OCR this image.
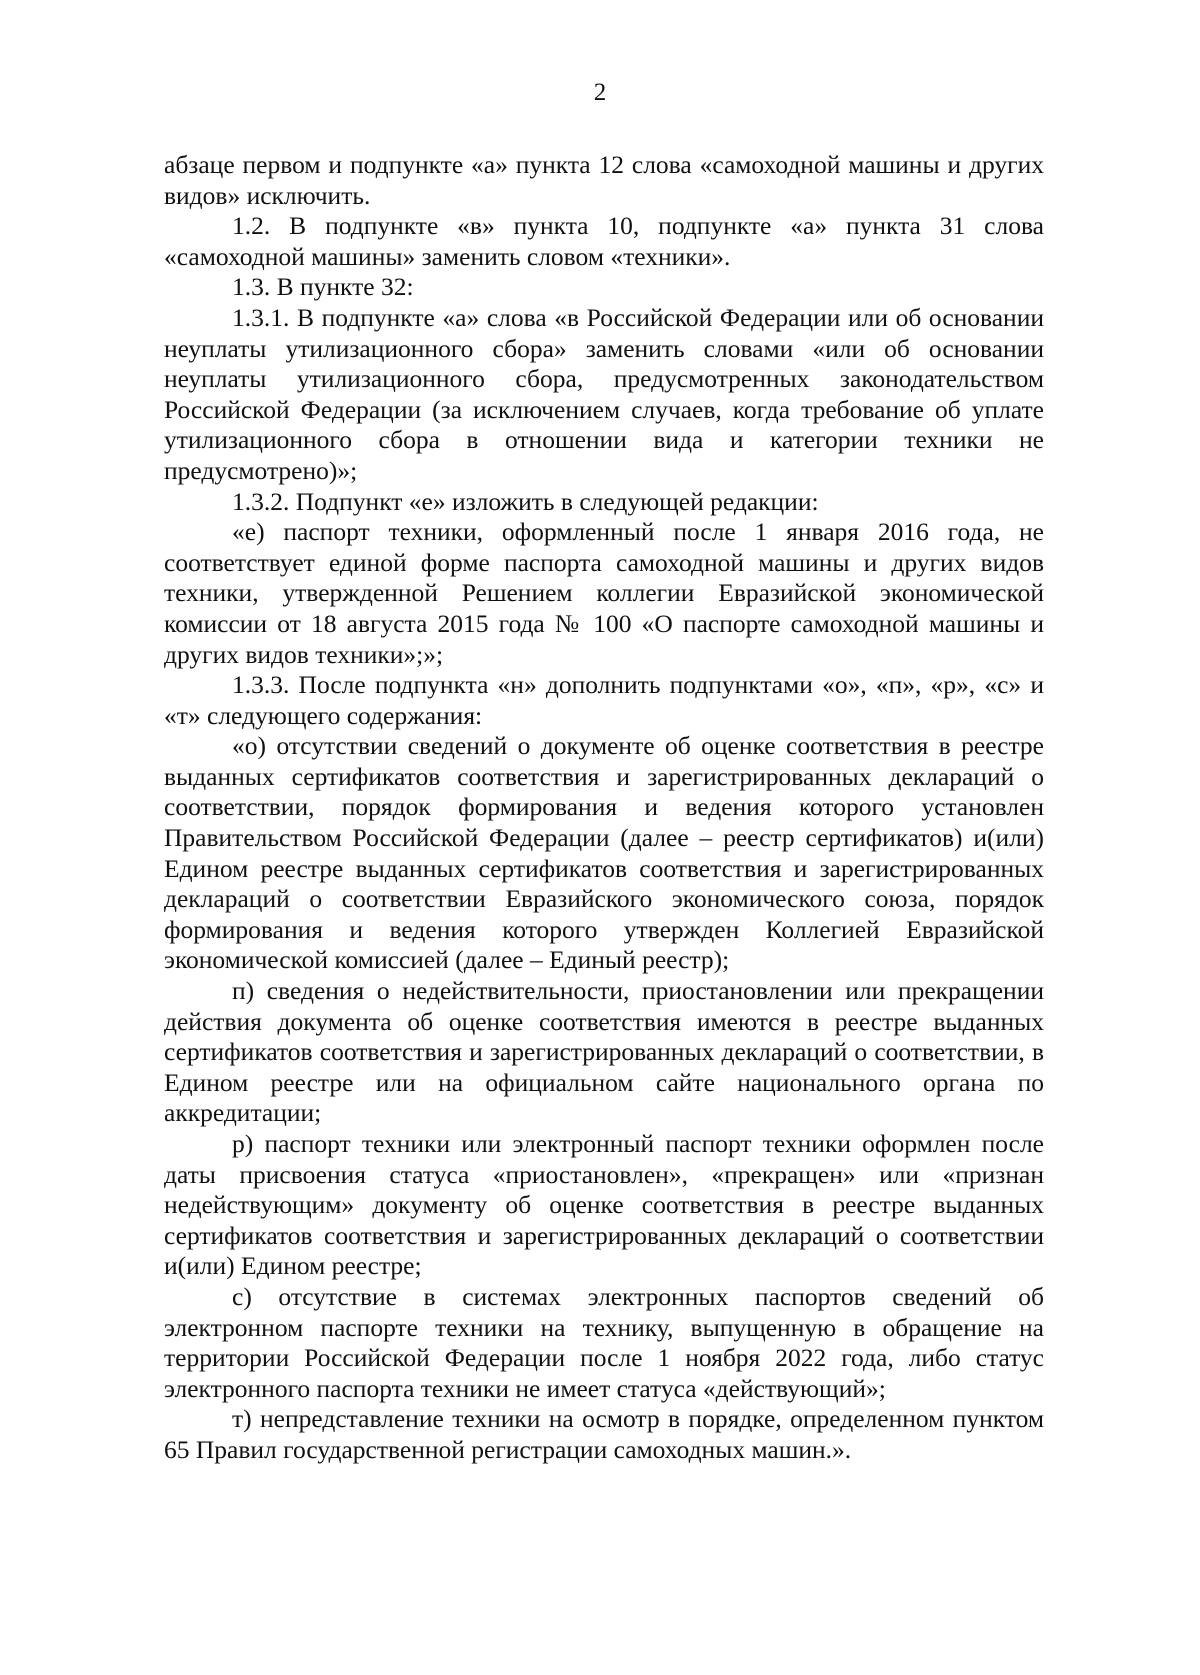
2

абзаце первом и подпункте «а» пункта 12 слова «самоходной машины и других видов» исключить.

1.2. В подпункте «в» пункта 10, подпункте «а» пункта 31 слова «самоходной машины» заменить словом «техники».

1.3. В пункте 32:

1.3.1. В подпункте «а» слова «в Российской Федерации или об основании неуплаты утилизационного сбора» заменить словами «или об основании неуплаты утилизационного сбора, предусмотренных законодательством Российской Федерации (за исключением случаев, когда требование об уплате утилизационного сбора в отношении вида и категории техники не предусмотрено)»;

1.3.2. Подпункт «е» изложить в следующей редакции:

«е) паспорт техники, оформленный после 1 января 2016 года, не соответствует единой форме паспорта самоходной машины и других видов техники, утвержденной Решением коллегии Евразийской экономической комиссии от 18 августа 2015 года № 100 «О паспорте самоходной машины и других видов техники»;»;

1.3.3. После подпункта «н» дополнить подпунктами «о», «п», «р», «с» и «т» следующего содержания:

«о) отсутствии сведений о документе об оценке соответствия в реестре выданных сертификатов соответствия и зарегистрированных деклараций о соответствии, порядок формирования и ведения которого установлен Правительством Российской Федерации (далее – реестр сертификатов) и(или) Едином реестре выданных сертификатов соответствия и зарегистрированных деклараций о соответствии Евразийского экономического союза, порядок формирования и ведения которого утвержден Коллегией Евразийской экономической комиссией (далее – Единый реестр);

п) сведения о недействительности, приостановлении или прекращении действия документа об оценке соответствия имеются в реестре выданных сертификатов соответствия и зарегистрированных деклараций о соответствии, в Едином реестре или на официальном сайте национального органа по аккредитации;

р) паспорт техники или электронный паспорт техники оформлен после даты присвоения статуса «приостановлен», «прекращен» или «признан недействующим» документу об оценке соответствия в реестре выданных сертификатов соответствия и зарегистрированных деклараций о соответствии и(или) Едином реестре;

с) отсутствие в системах электронных паспортов сведений об электронном паспорте техники на технику, выпущенную в обращение на территории Российской Федерации после 1 ноября 2022 года, либо статус электронного паспорта техники не имеет статуса «действующий»;

т) непредставление техники на осмотр в порядке, определенном пунктом 65 Правил государственной регистрации самоходных машин.».
